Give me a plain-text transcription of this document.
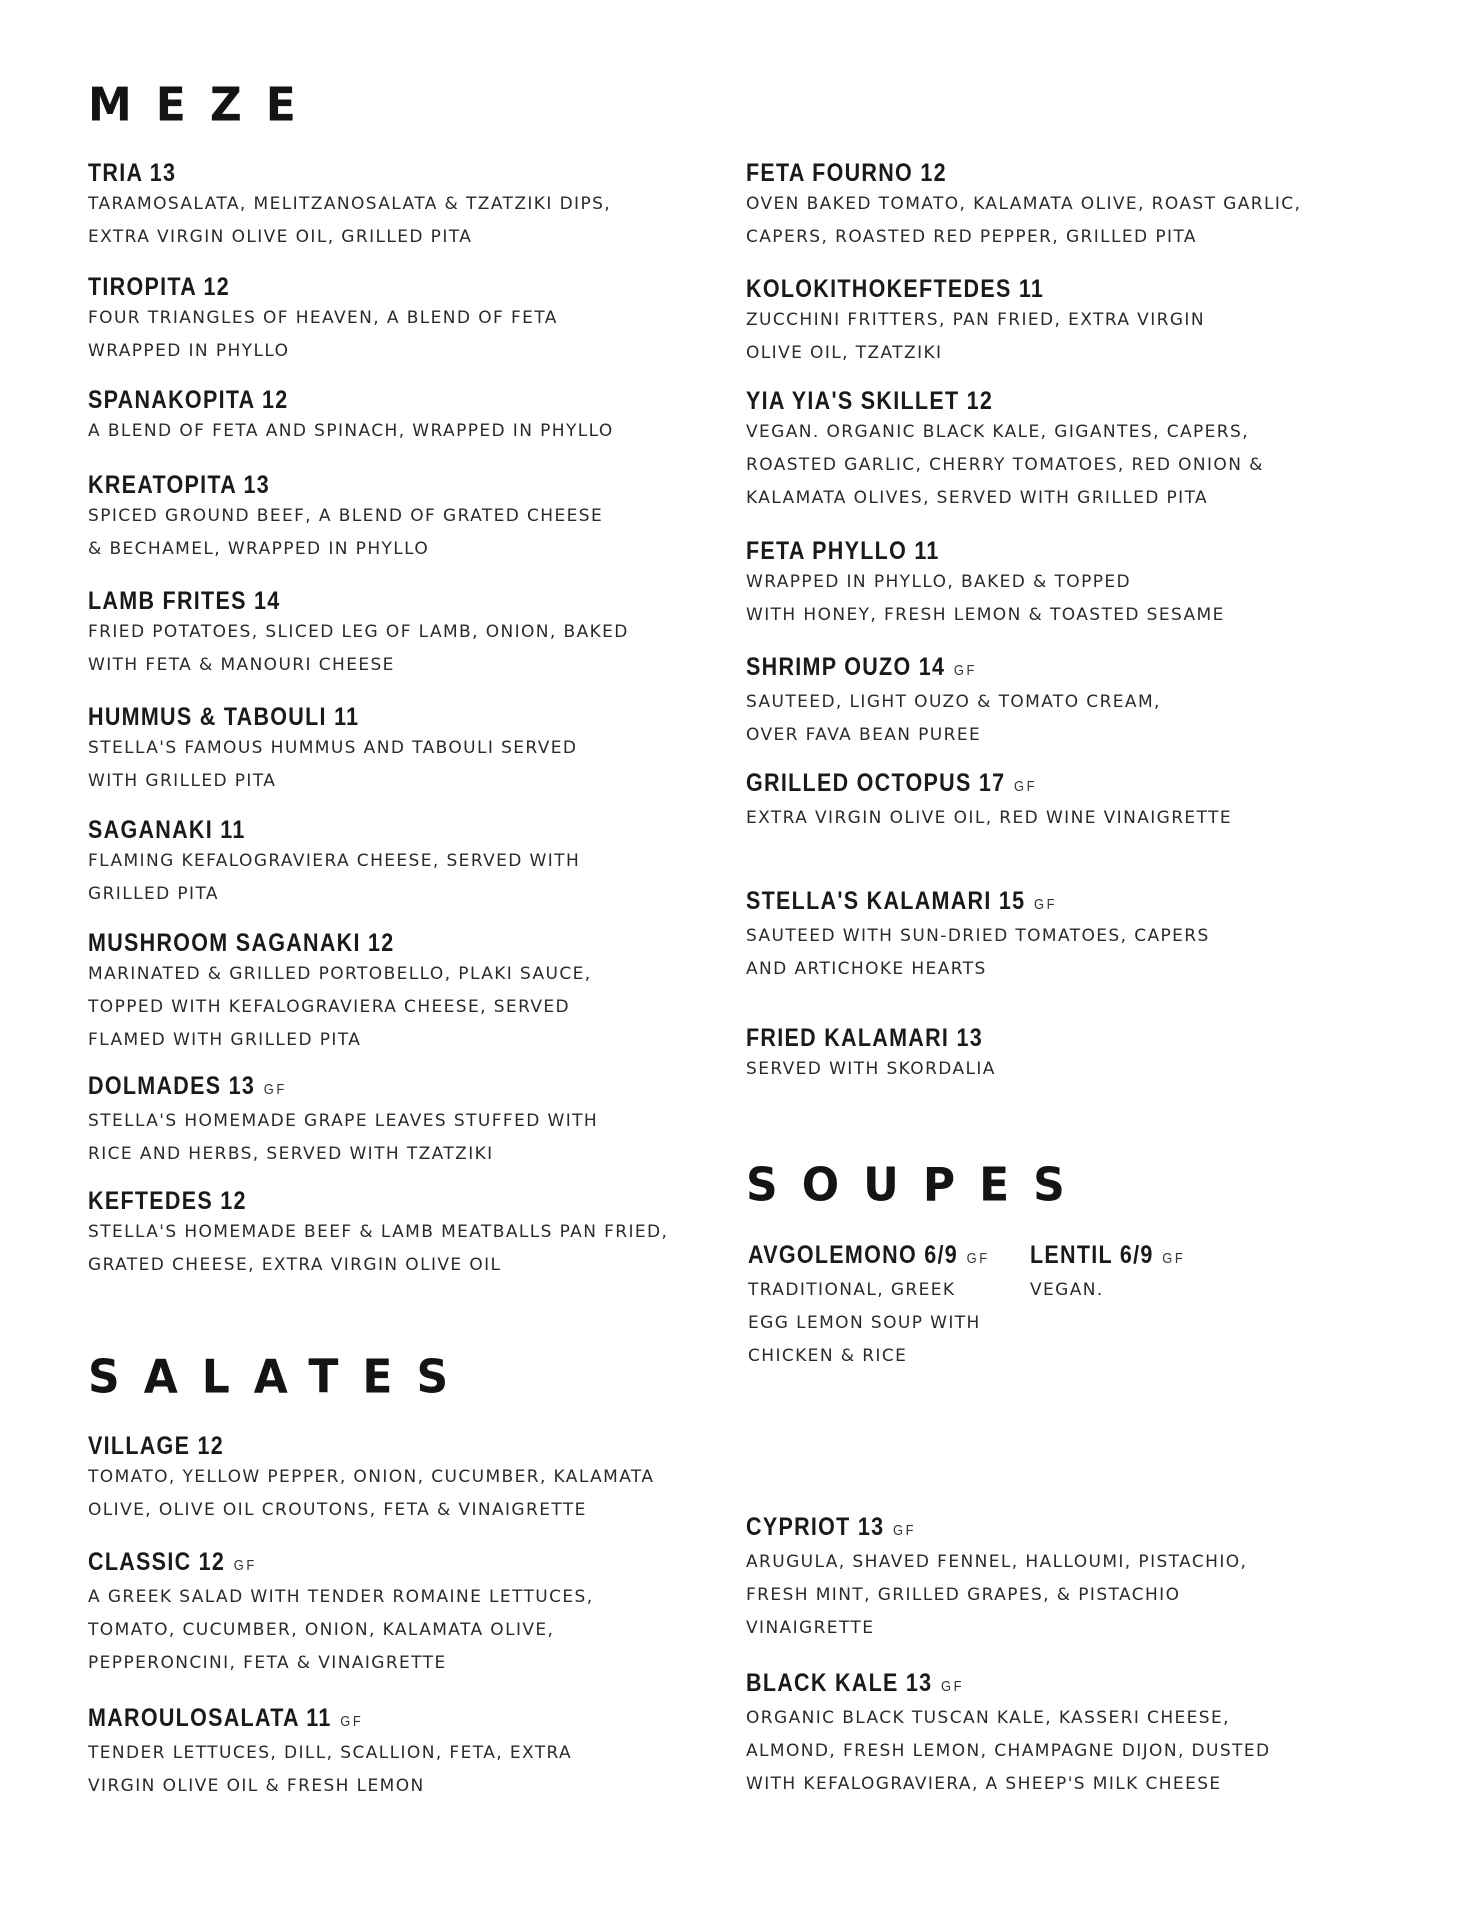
MEZE
SALATES
SOUPES
TRIA 13

TARAMOSALATA, MELITZANOSALATA & TZATZIKI DIPS,
EXTRA VIRGIN OLIVE OIL, GRILLED PITA

TIROPITA 12

FOUR TRIANGLES OF HEAVEN, A BLEND OF FETA
WRAPPED IN PHYLLO

SPANAKOPITA 12

A BLEND OF FETA AND SPINACH, WRAPPED IN PHYLLO

KREATOPITA 13

SPICED GROUND BEEF, A BLEND OF GRATED CHEESE
& BECHAMEL, WRAPPED IN PHYLLO

LAMB FRITES 14

FRIED POTATOES, SLICED LEG OF LAMB, ONION, BAKED
WITH FETA & MANOURI CHEESE

HUMMUS & TABOULI 11

STELLA'S FAMOUS HUMMUS AND TABOULI SERVED
WITH GRILLED PITA

SAGANAKI 11

FLAMING KEFALOGRAVIERA CHEESE, SERVED WITH
GRILLED PITA

MUSHROOM SAGANAKI 12

MARINATED & GRILLED PORTOBELLO, PLAKI SAUCE,
TOPPED WITH KEFALOGRAVIERA CHEESE, SERVED
FLAMED WITH GRILLED PITA

DOLMADES 13 GF

STELLA'S HOMEMADE GRAPE LEAVES STUFFED WITH
RICE AND HERBS, SERVED WITH TZATZIKI

KEFTEDES 12

STELLA'S HOMEMADE BEEF & LAMB MEATBALLS PAN FRIED,
GRATED CHEESE, EXTRA VIRGIN OLIVE OIL

FETA FOURNO 12

OVEN BAKED TOMATO, KALAMATA OLIVE, ROAST GARLIC,
CAPERS, ROASTED RED PEPPER, GRILLED PITA

KOLOKITHOKEFTEDES 11

ZUCCHINI FRITTERS, PAN FRIED, EXTRA VIRGIN
OLIVE OIL, TZATZIKI

YIA YIA'S SKILLET 12

VEGAN. ORGANIC BLACK KALE, GIGANTES, CAPERS,
ROASTED GARLIC, CHERRY TOMATOES, RED ONION &
KALAMATA OLIVES, SERVED WITH GRILLED PITA

FETA PHYLLO 11

WRAPPED IN PHYLLO, BAKED & TOPPED
WITH HONEY, FRESH LEMON & TOASTED SESAME

SHRIMP OUZO 14 GF

SAUTEED, LIGHT OUZO & TOMATO CREAM,
OVER FAVA BEAN PUREE

GRILLED OCTOPUS 17 GF

EXTRA VIRGIN OLIVE OIL, RED WINE VINAIGRETTE

STELLA'S KALAMARI 15 GF

SAUTEED WITH SUN-DRIED TOMATOES, CAPERS
AND ARTICHOKE HEARTS

FRIED KALAMARI 13

SERVED WITH SKORDALIA

VILLAGE 12

TOMATO, YELLOW PEPPER, ONION, CUCUMBER, KALAMATA
OLIVE, OLIVE OIL CROUTONS, FETA & VINAIGRETTE

CLASSIC 12 GF

A GREEK SALAD WITH TENDER ROMAINE LETTUCES,
TOMATO, CUCUMBER, ONION, KALAMATA OLIVE,
PEPPERONCINI, FETA & VINAIGRETTE

MAROULOSALATA 11 GF

TENDER LETTUCES, DILL, SCALLION, FETA, EXTRA
VIRGIN OLIVE OIL & FRESH LEMON

CYPRIOT 13 GF

ARUGULA, SHAVED FENNEL, HALLOUMI, PISTACHIO,
FRESH MINT, GRILLED GRAPES, & PISTACHIO
VINAIGRETTE

BLACK KALE 13 GF

ORGANIC BLACK TUSCAN KALE, KASSERI CHEESE,
ALMOND, FRESH LEMON, CHAMPAGNE DIJON, DUSTED
WITH KEFALOGRAVIERA, A SHEEP'S MILK CHEESE

AVGOLEMONO 6/9 GF

TRADITIONAL, GREEK
EGG LEMON SOUP WITH
CHICKEN & RICE

LENTIL 6/9 GF

VEGAN.
